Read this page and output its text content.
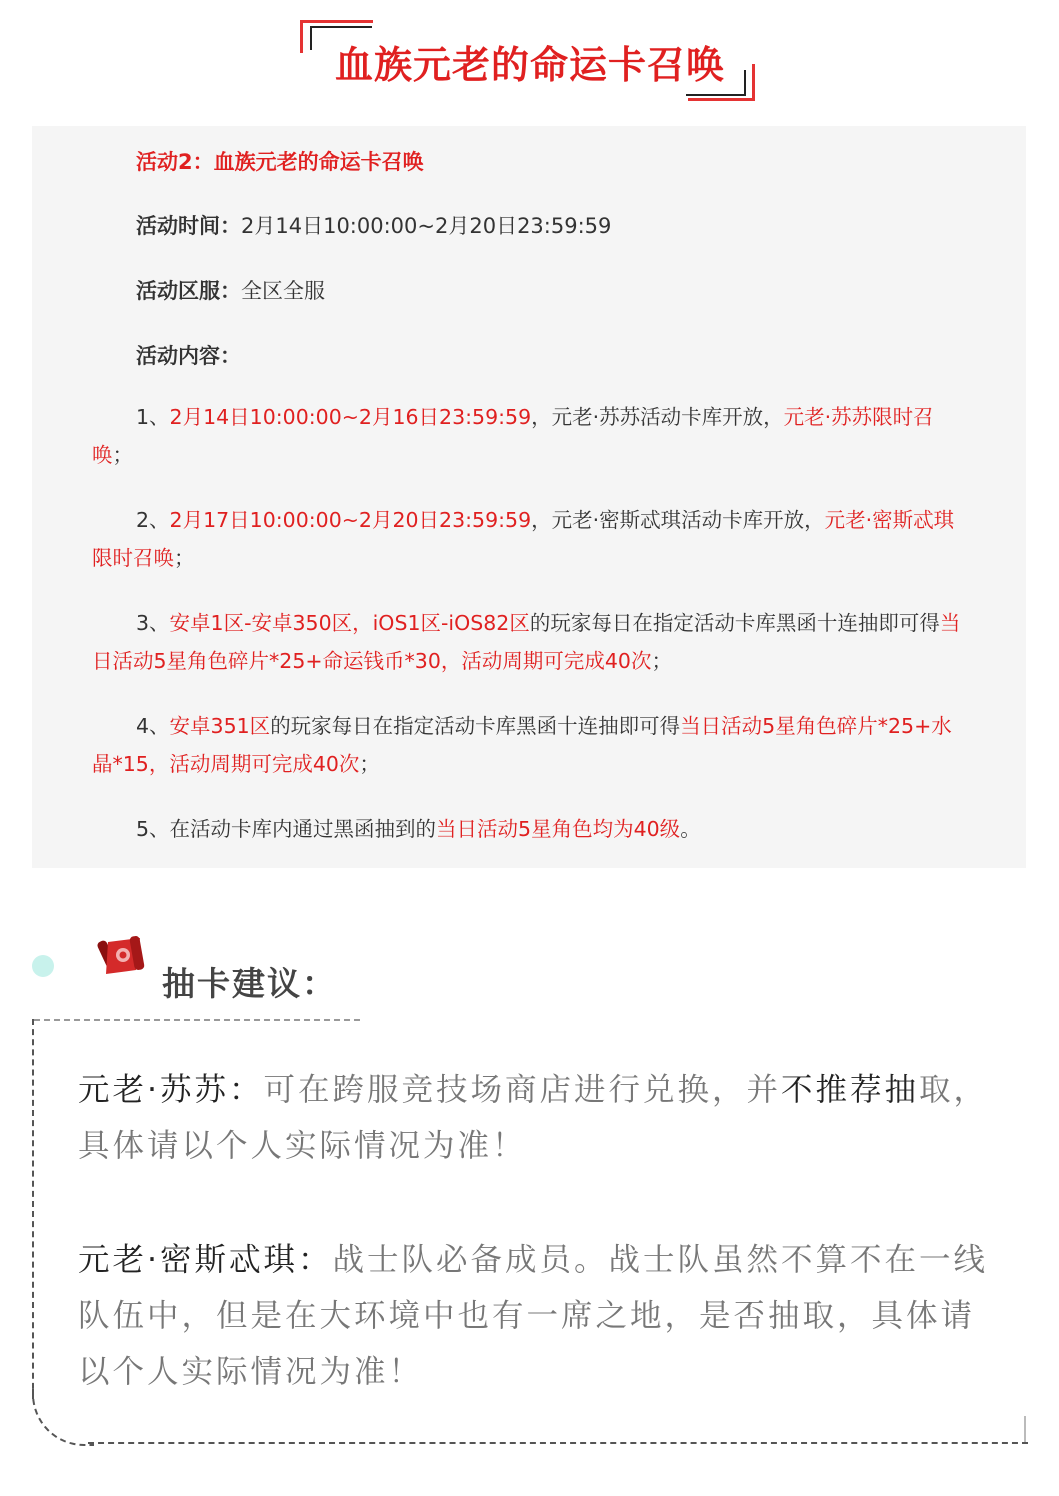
血族元老的命运卡召唤
活动2：血族元老的命运卡召唤
活动时间：2月14日10:00:00~2月20日23:59:59
活动区服：全区全服
活动内容：
1、2月14日10:00:00~2月16日23:59:59，元老·苏苏活动卡库开放，元老·苏苏限时召唤；
2、2月17日10:00:00~2月20日23:59:59，元老·密斯忒琪活动卡库开放，元老·密斯忒琪限时召唤；
3、安卓1区-安卓350区，iOS1区-iOS82区的玩家每日在指定活动卡库黑函十连抽即可得当日活动5星角色碎片*25+命运钱币*30，活动周期可完成40次；
4、安卓351区的玩家每日在指定活动卡库黑函十连抽即可得当日活动5星角色碎片*25+水晶*15，活动周期可完成40次；
5、在活动卡库内通过黑函抽到的当日活动5星角色均为40级。
抽卡建议：
元老·苏苏：可在跨服竞技场商店进行兑换，并不推荐抽取，具体请以个人实际情况为准！
元老·密斯忒琪：战士队必备成员。战士队虽然不算不在一线队伍中，但是在大环境中也有一席之地，是否抽取，具体请以个人实际情况为准！
